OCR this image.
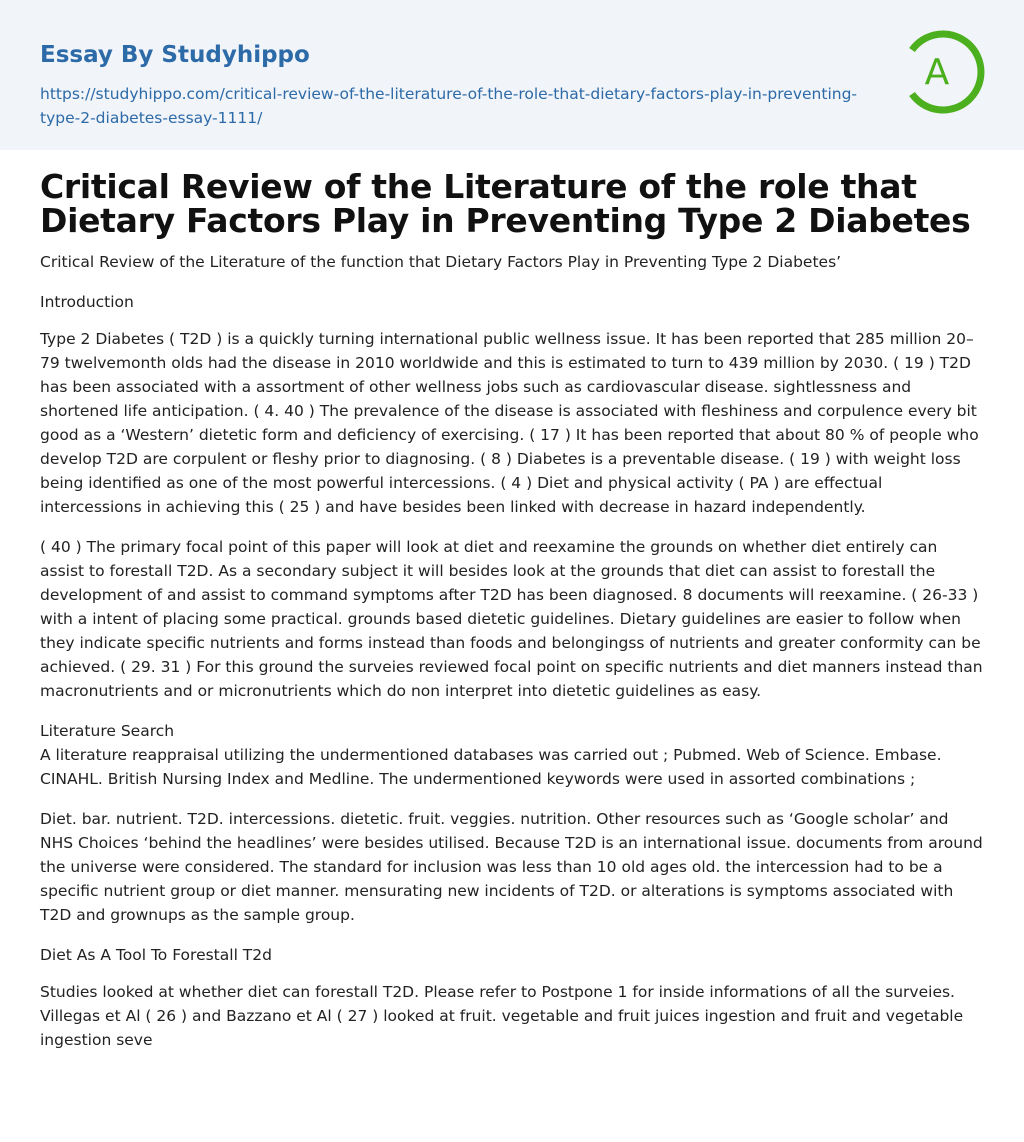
Essay By Studyhippo
https://studyhippo.com/critical-review-of-the-literature-of-the-role-that-dietary-factors-play-in-preventing-type-2-diabetes-essay-1111/
A
Critical Review of the Literature of the role that Dietary Factors Play in Preventing Type 2 Diabetes

Critical Review of the Literature of the function that Dietary Factors Play in Preventing Type 2 Diabetes’

Introduction

Type 2 Diabetes ( T2D ) is a quickly turning international public wellness issue. It has been reported that 285 million 20–79 twelvemonth olds had the disease in 2010 worldwide and this is estimated to turn to 439 million by 2030. ( 19 ) T2D has been associated with a assortment of other wellness jobs such as cardiovascular disease. sightlessness and shortened life anticipation. ( 4. 40 ) The prevalence of the disease is associated with fleshiness and corpulence every bit good as a ‘Western’ dietetic form and deficiency of exercising. ( 17 ) It has been reported that about 80 % of people who develop T2D are corpulent or fleshy prior to diagnosing. ( 8 ) Diabetes is a preventable disease. ( 19 ) with weight loss being identified as one of the most powerful intercessions. ( 4 ) Diet and physical activity ( PA ) are effectual intercessions in achieving this ( 25 ) and have besides been linked with decrease in hazard independently.

( 40 ) The primary focal point of this paper will look at diet and reexamine the grounds on whether diet entirely can assist to forestall T2D. As a secondary subject it will besides look at the grounds that diet can assist to forestall the development of and assist to command symptoms after T2D has been diagnosed. 8 documents will reexamine. ( 26-33 ) with a intent of placing some practical. grounds based dietetic guidelines. Dietary guidelines are easier to follow when they indicate specific nutrients and forms instead than foods and belongingss of nutrients and greater conformity can be achieved. ( 29. 31 ) For this ground the surveies reviewed focal point on specific nutrients and diet manners instead than macronutrients and or micronutrients which do non interpret into dietetic guidelines as easy.

Literature Search

A literature reappraisal utilizing the undermentioned databases was carried out ; Pubmed. Web of Science. Embase. CINAHL. British Nursing Index and Medline. The undermentioned keywords were used in assorted combinations ;

Diet. bar. nutrient. T2D. intercessions. dietetic. fruit. veggies. nutrition. Other resources such as ‘Google scholar’ and NHS Choices ‘behind the headlines’ were besides utilised. Because T2D is an international issue. documents from around the universe were considered. The standard for inclusion was less than 10 old ages old. the intercession had to be a specific nutrient group or diet manner. mensurating new incidents of T2D. or alterations is symptoms associated with T2D and grownups as the sample group.

Diet As A Tool To Forestall T2d

Studies looked at whether diet can forestall T2D. Please refer to Postpone 1 for inside informations of all the surveies. Villegas et Al ( 26 ) and Bazzano et Al ( 27 ) looked at fruit. vegetable and fruit juices ingestion and fruit and vegetable ingestion seve
